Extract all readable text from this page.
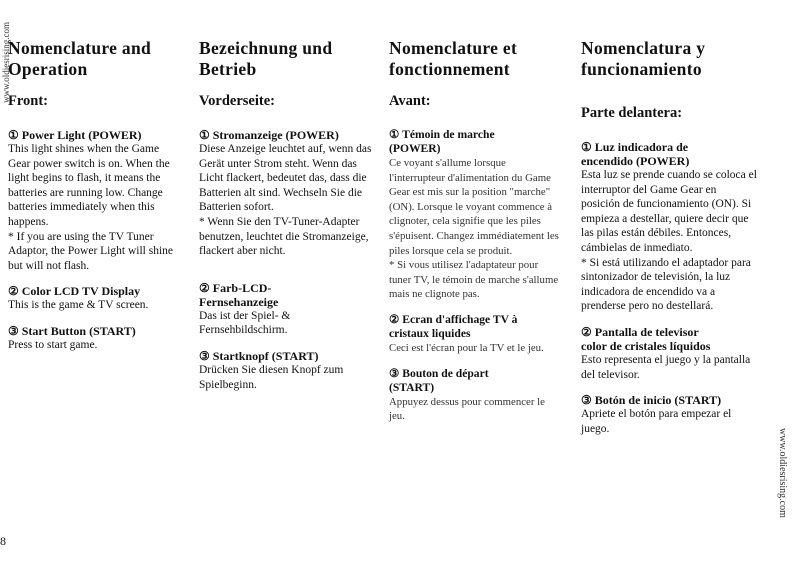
www.oldiesrising.com
www.oldiesrising.com
8
Nomenclature and Operation
Front:
① Power Light (POWER)
This light shines when the Game Gear power switch is on. When the light begins to flash, it means the batteries are running low. Change batteries immediately when this happens.
* If you are using the TV Tuner Adaptor, the Power Light will shine but will not flash.
② Color LCD TV Display
This is the game & TV screen.
③ Start Button (START)
Press to start game.
Bezeichnung und Betrieb
Vorderseite:
① Stromanzeige (POWER)
Diese Anzeige leuchtet auf, wenn das Gerät unter Strom steht. Wenn das Licht flackert, bedeutet das, dass die Batterien alt sind. Wechseln Sie die Batterien sofort.
* Wenn Sie den TV-Tuner-Adapter benutzen, leuchtet die Stromanzeige, flackert aber nicht.
② Farb-LCD-
Fernsehanzeige
Das ist der Spiel- & Fernsehbildschirm.
③ Startknopf (START)
Drücken Sie diesen Knopf zum Spielbeginn.
Nomenclature et fonctionnement
Avant:
① Témoin de marche
(POWER)
Ce voyant s'allume lorsque l'interrupteur d'alimentation du Game Gear est mis sur la position "marche" (ON). Lorsque le voyant commence à clignoter, cela signifie que les piles s'épuisent. Changez immédiatement les piles lorsque cela se produit.
* Si vous utilisez l'adaptateur pour tuner TV, le témoin de marche s'allume mais ne clignote pas.
② Ecran d'affichage TV à
cristaux liquides
Ceci est l'écran pour la TV et le jeu.
③ Bouton de départ
(START)
Appuyez dessus pour commencer le jeu.
Nomenclatura y funcionamiento
Parte delantera:
① Luz indicadora de
encendido (POWER)
Esta luz se prende cuando se coloca el interruptor del Game Gear en posición de funcionamiento (ON). Si empieza a destellar, quiere decir que las pilas están débiles. Entonces, cámbielas de inmediato.
* Si está utilizando el adaptador para sintonizador de televisión, la luz indicadora de encendido va a prenderse pero no destellará.
② Pantalla de televisor
color de cristales líquidos
Esto representa el juego y la pantalla del televisor.
③ Botón de inicio (START)
Apriete el botón para empezar el juego.
